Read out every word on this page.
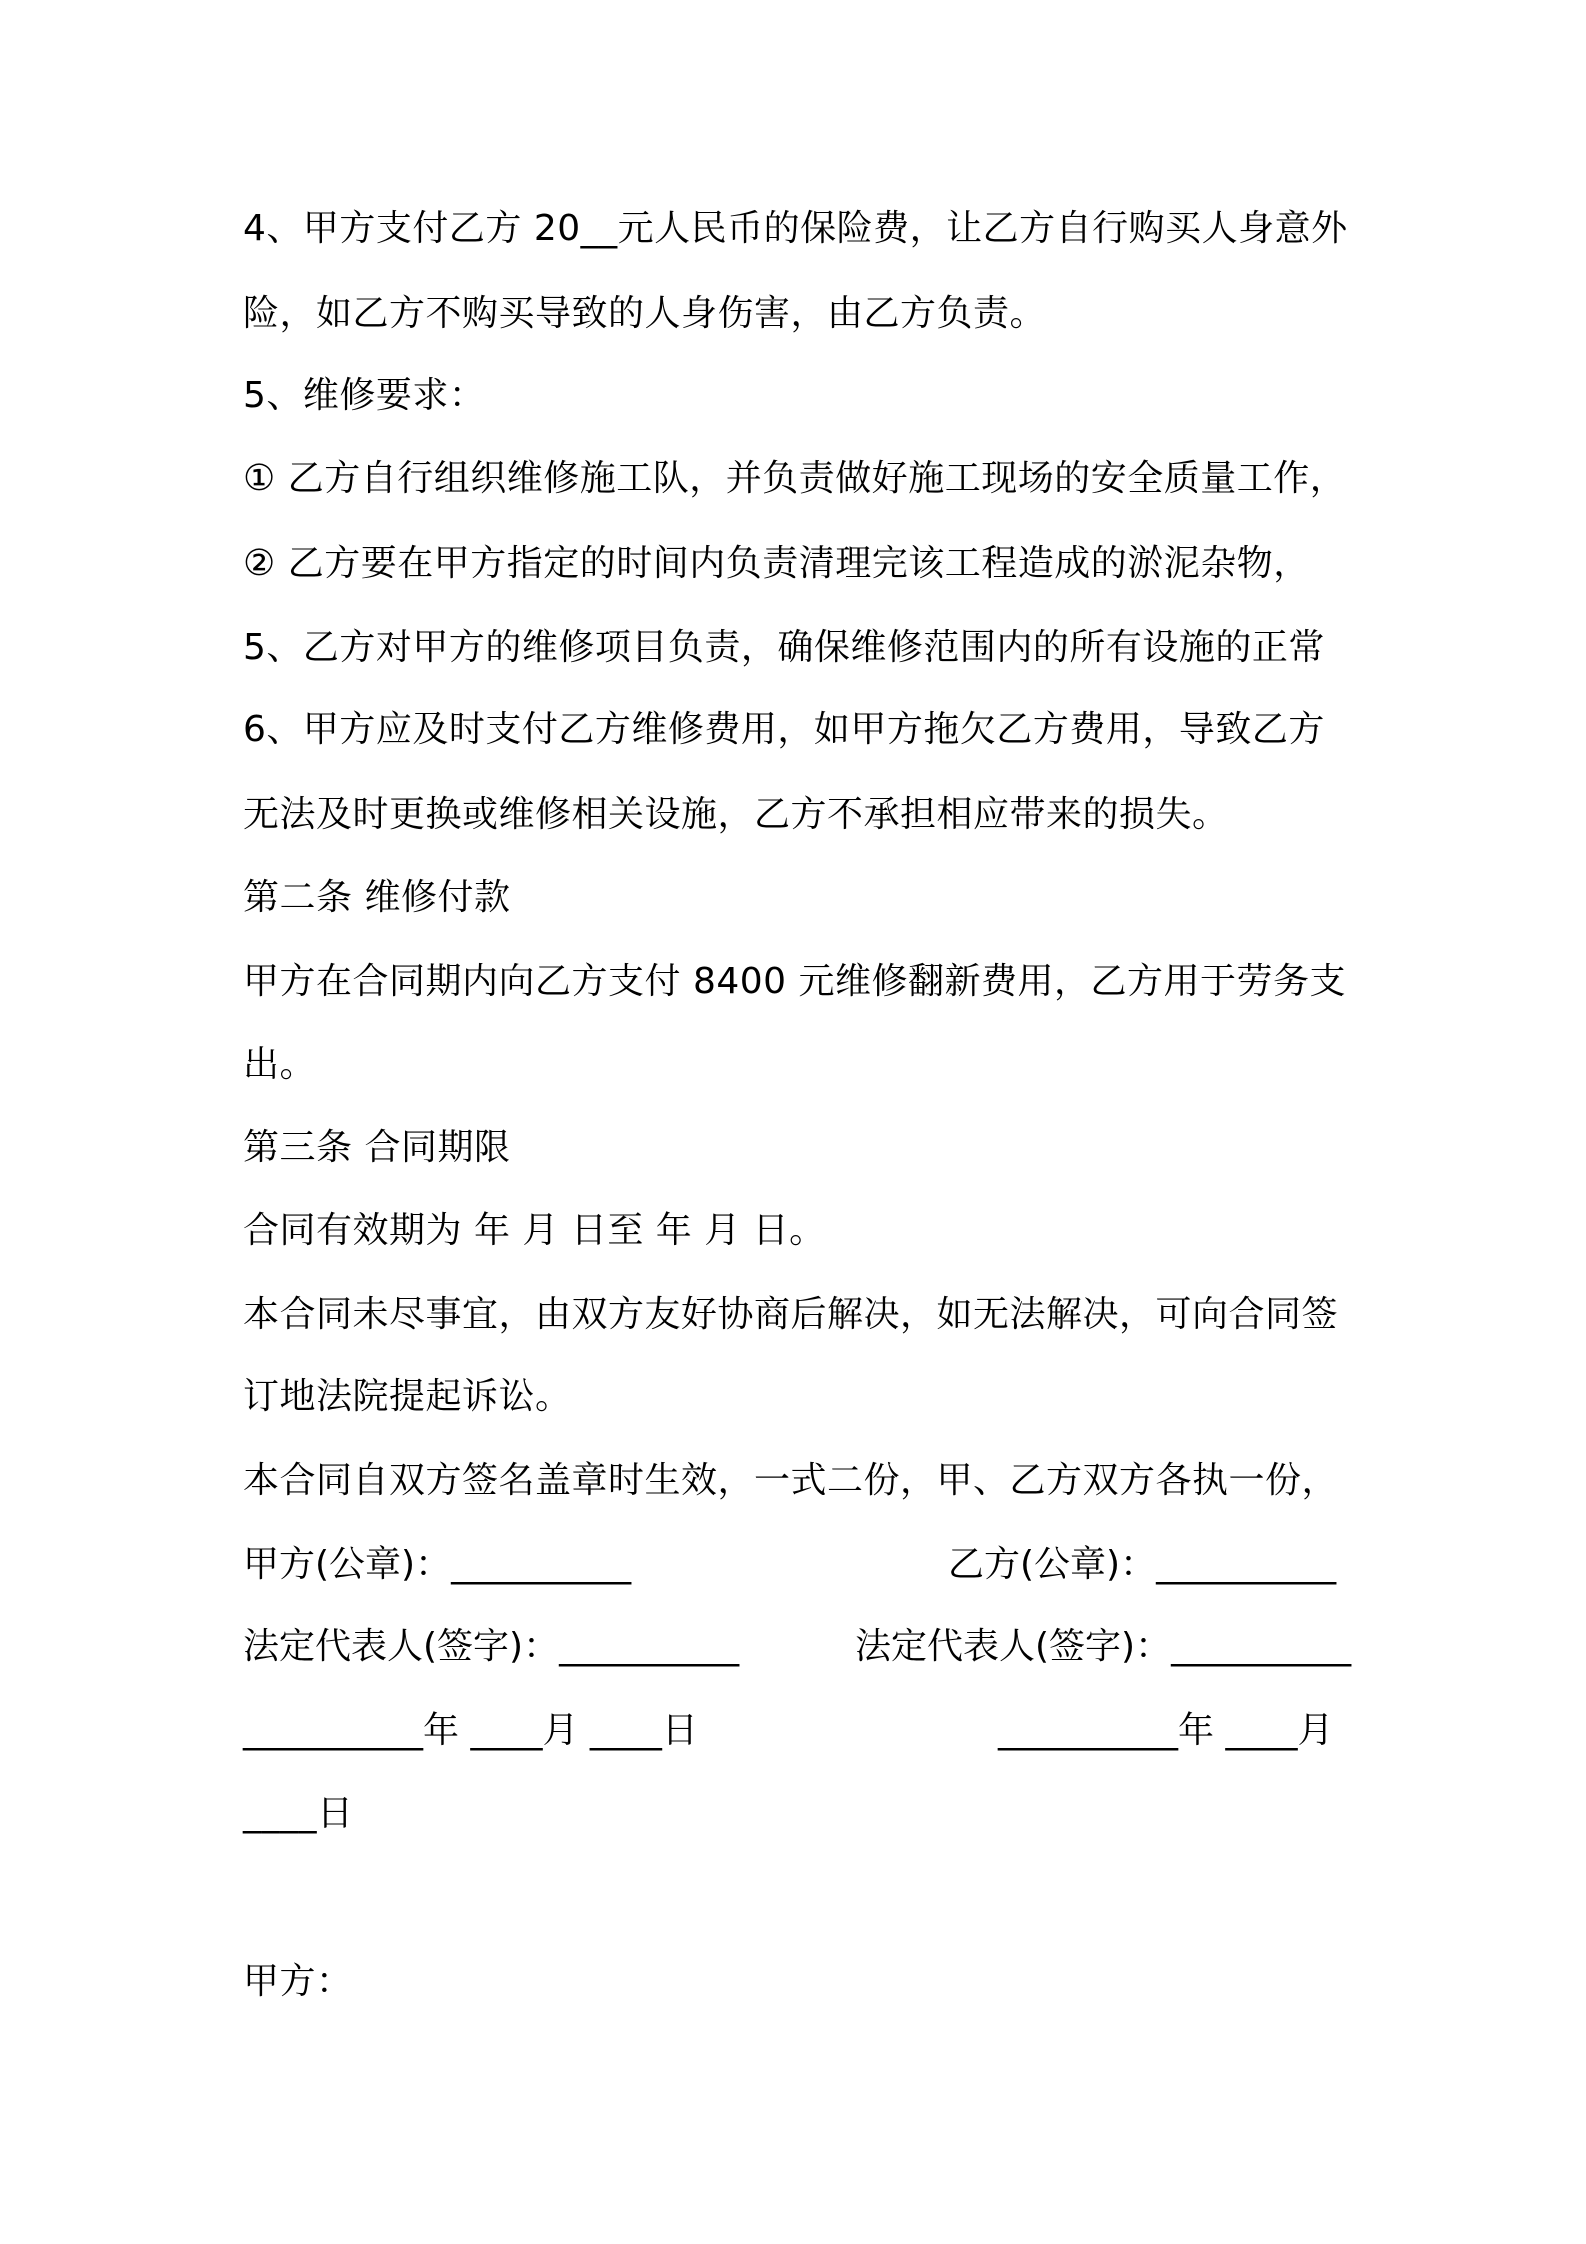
4、甲方支付乙方 20__元人民币的保险费，让乙方自行购买人身意外
险，如乙方不购买导致的人身伤害，由乙方负责。
5、维修要求：
① 乙方自行组织维修施工队，并负责做好施工现场的安全质量工作，
② 乙方要在甲方指定的时间内负责清理完该工程造成的淤泥杂物，
5、乙方对甲方的维修项目负责，确保维修范围内的所有设施的正常
6、甲方应及时支付乙方维修费用，如甲方拖欠乙方费用，导致乙方
无法及时更换或维修相关设施，乙方不承担相应带来的损失。
第二条 维修付款
甲方在合同期内向乙方支付 8400 元维修翻新费用，乙方用于劳务支
出。
第三条 合同期限
合同有效期为 年 月 日至 年 月 日。
本合同未尽事宜，由双方友好协商后解决，如无法解决，可向合同签
订地法院提起诉讼。
本合同自双方签名盖章时生效，一式二份，甲、乙方双方各执一份，
甲方(公章)：__________	乙方(公章)：__________
法定代表人(签字)：__________	法定代表人(签字)：__________
__________年 ____月 ____日	__________年 ____月
____日
甲方：
